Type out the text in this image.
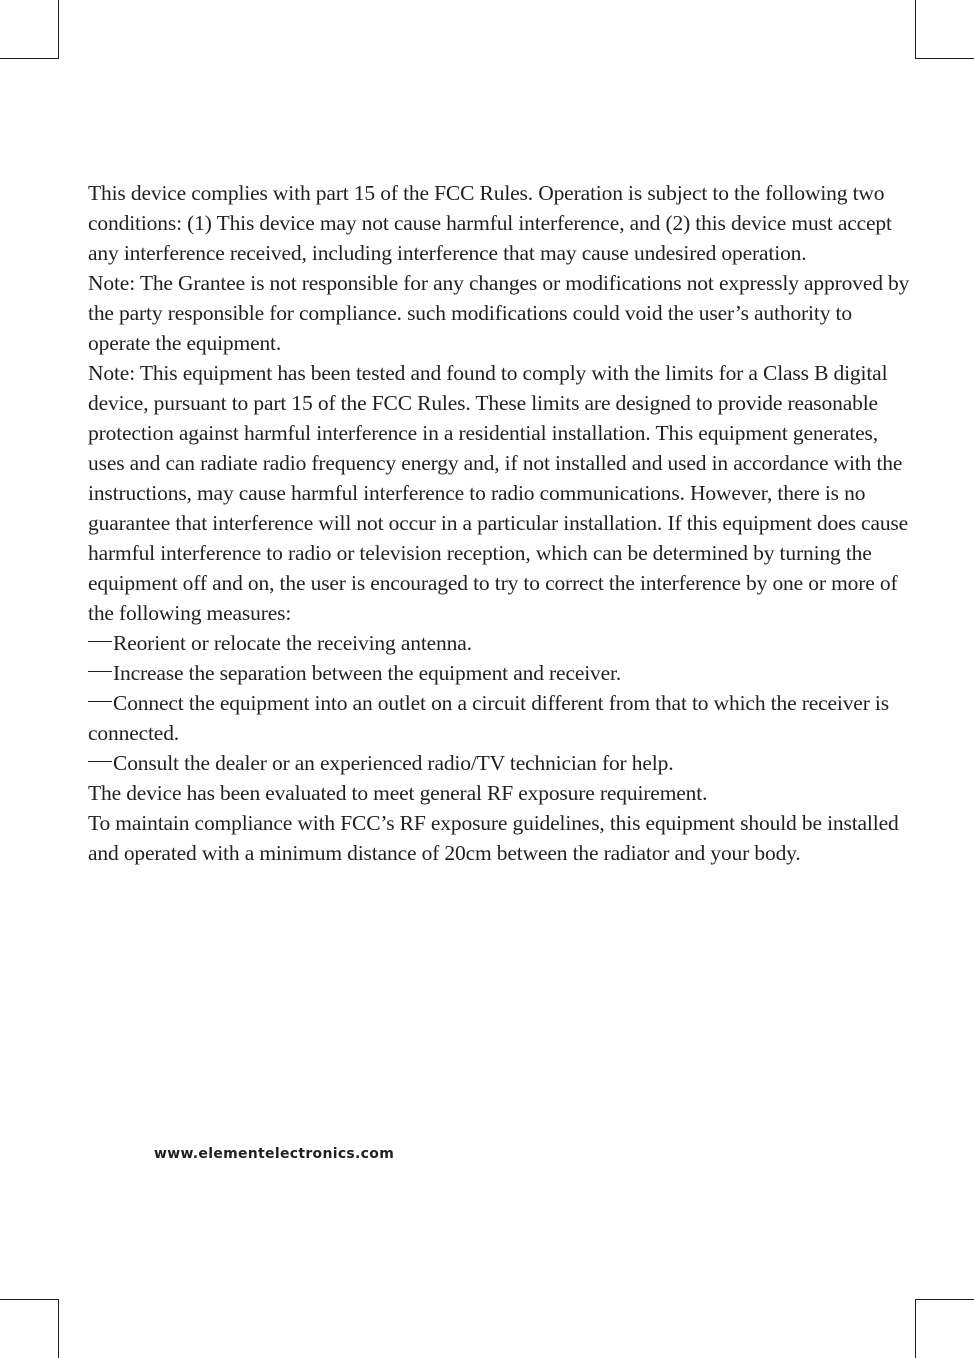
This device complies with part 15 of the FCC Rules. Operation is subject to the following two conditions: (1) This device may not cause harmful interference, and (2) this device must accept any interference received, including interference that may cause undesired operation.

Note: The Grantee is not responsible for any changes or modifications not expressly approved by the party responsible for compliance. such modifications could void the user’s authority to operate the equipment.

Note: This equipment has been tested and found to comply with the limits for a Class B digital device, pursuant to part 15 of the FCC Rules. These limits are designed to provide reasonable protection against harmful interference in a residential installation. This equipment generates, uses and can radiate radio frequency energy and, if not installed and used in accordance with the instructions, may cause harmful interference to radio communications. However, there is no guarantee that interference will not occur in a particular installation. If this equipment does cause harmful interference to radio or television reception, which can be determined by turning the equipment off and on, the user is encouraged to try to correct the interference by one or more of the following measures:

Reorient or relocate the receiving antenna.

Increase the separation between the equipment and receiver.

Connect the equipment into an outlet on a circuit different from that to which the receiver is connected.

Consult the dealer or an experienced radio/TV technician for help.

The device has been evaluated to meet general RF exposure requirement.

To maintain compliance with FCC’s RF exposure guidelines, this equipment should be installed and operated with a minimum distance of 20cm between the radiator and your body.

www.elementelectronics.com
